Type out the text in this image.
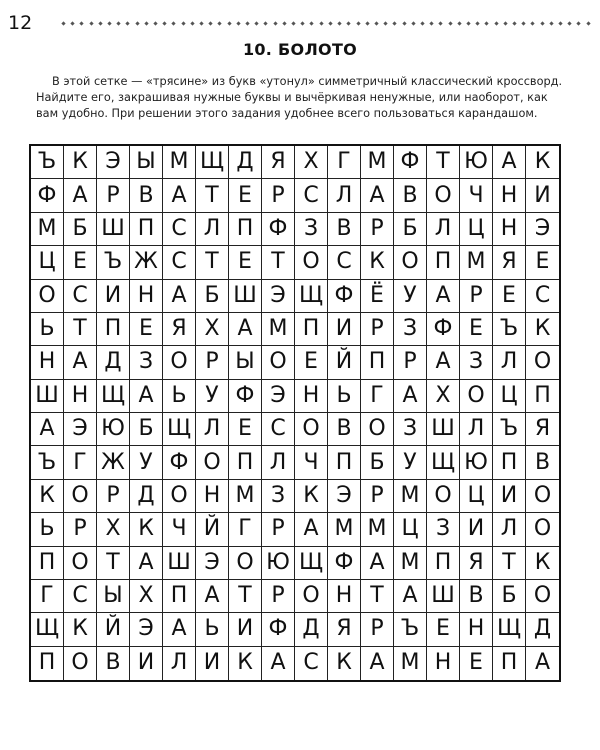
12
10. БОЛОТО
В этой сетке — «трясине» из букв «утонул» симметричный классический кроссворд. Найдите его, закрашивая нужные буквы и вычёркивая ненужные, или наоборот, как вам удобно. При решении этого задания удобнее всего пользоваться карандашом.
Ъ К Э Ы М Щ Д Я Х Г М Ф Т Ю А К
Ф А Р В А Т Е Р С Л А В О Ч Н И
М Б Ш П С Л П Ф З В Р Б Л Ц Н Э
Ц Е Ъ Ж С Т Е Т О С К О П М Я Е
О С И Н А Б Ш Э Щ Ф Ё У А Р Е С
Ь Т П Е Я Х А М П И Р З Ф Е Ъ К
Н А Д З О Р Ы О Е Й П Р А З Л О
Ш Н Щ А Ь У Ф Э Н Ь Г А Х О Ц П
А Э Ю Б Щ Л Е С О В О З Ш Л Ъ Я
Ъ Г Ж У Ф О П Л Ч П Б У Щ Ю П В
К О Р Д О Н М З К Э Р М О Ц И О
Ь Р Х К Ч Й Г Р А М М Ц З И Л О
П О Т А Ш Э О Ю Щ Ф А М П Я Т К
Г С Ы Х П А Т Р О Н Т А Ш В Б О
Щ К Й Э А Ь И Ф Д Я Р Ъ Е Н Щ Д
П О В И Л И К А С К А М Н Е П А
